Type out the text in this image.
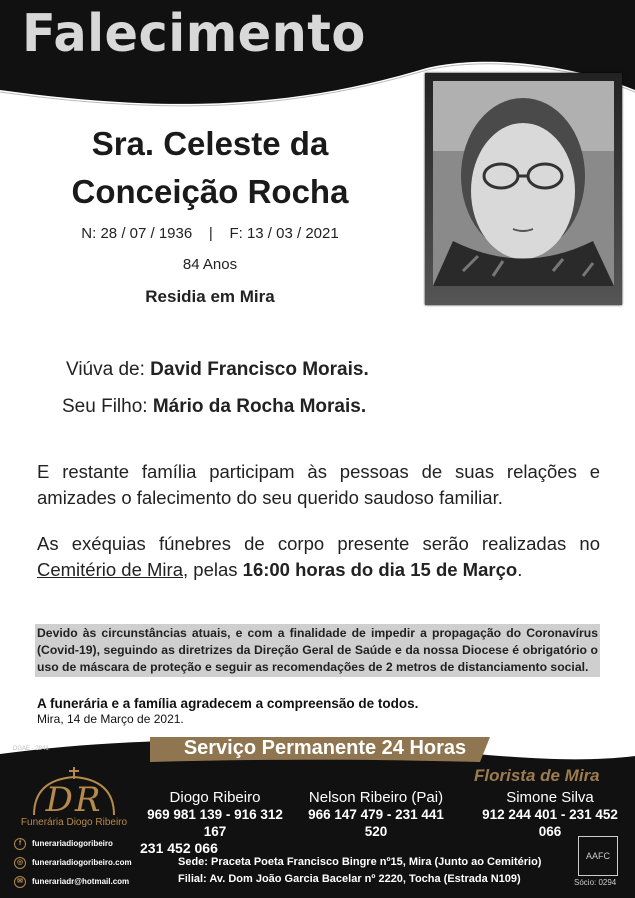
Falecimento
Sra. Celeste da
Conceição Rocha
N: 28 / 07 / 1936    |    F: 13 / 03 / 2021
84 Anos
Residia em Mira
Viúva de: David Francisco Morais.
Seu Filho: Mário da Rocha Morais.
E restante família participam às pessoas de suas relações e amizades o falecimento do seu querido saudoso familiar.
As exéquias fúnebres de corpo presente serão realizadas no Cemitério de Mira, pelas 16:00 horas do dia 15 de Março.
Devido às circunstâncias atuais, e com a finalidade de impedir a propagação do Coronavírus (Covid-19), seguindo as diretrizes da Direção Geral de Saúde e da nossa Diocese é obrigatório o uso de máscara de proteção e seguir as recomendações de 2 metros de distanciamento social.
A funerária e a família agradecem a compreensão de todos.
Mira, 14 de Março de 2021.
DGAE - 2841	Serviço Permanente 24 Horas
DR
Funerária Diogo Ribeiro
Florista de Mira
Diogo Ribeiro
969 981 139 - 916 312 167
231 452 066
Nelson Ribeiro (Pai)
966 147 479 - 231 441 520
Simone Silva
912 244 401 - 231 452 066
f funerariadiogoribeiro
◎ funerariadiogoribeiro.com
✉ funerariadr@hotmail.com
Sede: Praceta Poeta Francisco Bingre nº15, Mira (Junto ao Cemitério)
Filial: Av. Dom João Garcia Bacelar nº 2220, Tocha (Estrada N109)
AAFC
Sócio: 0294
